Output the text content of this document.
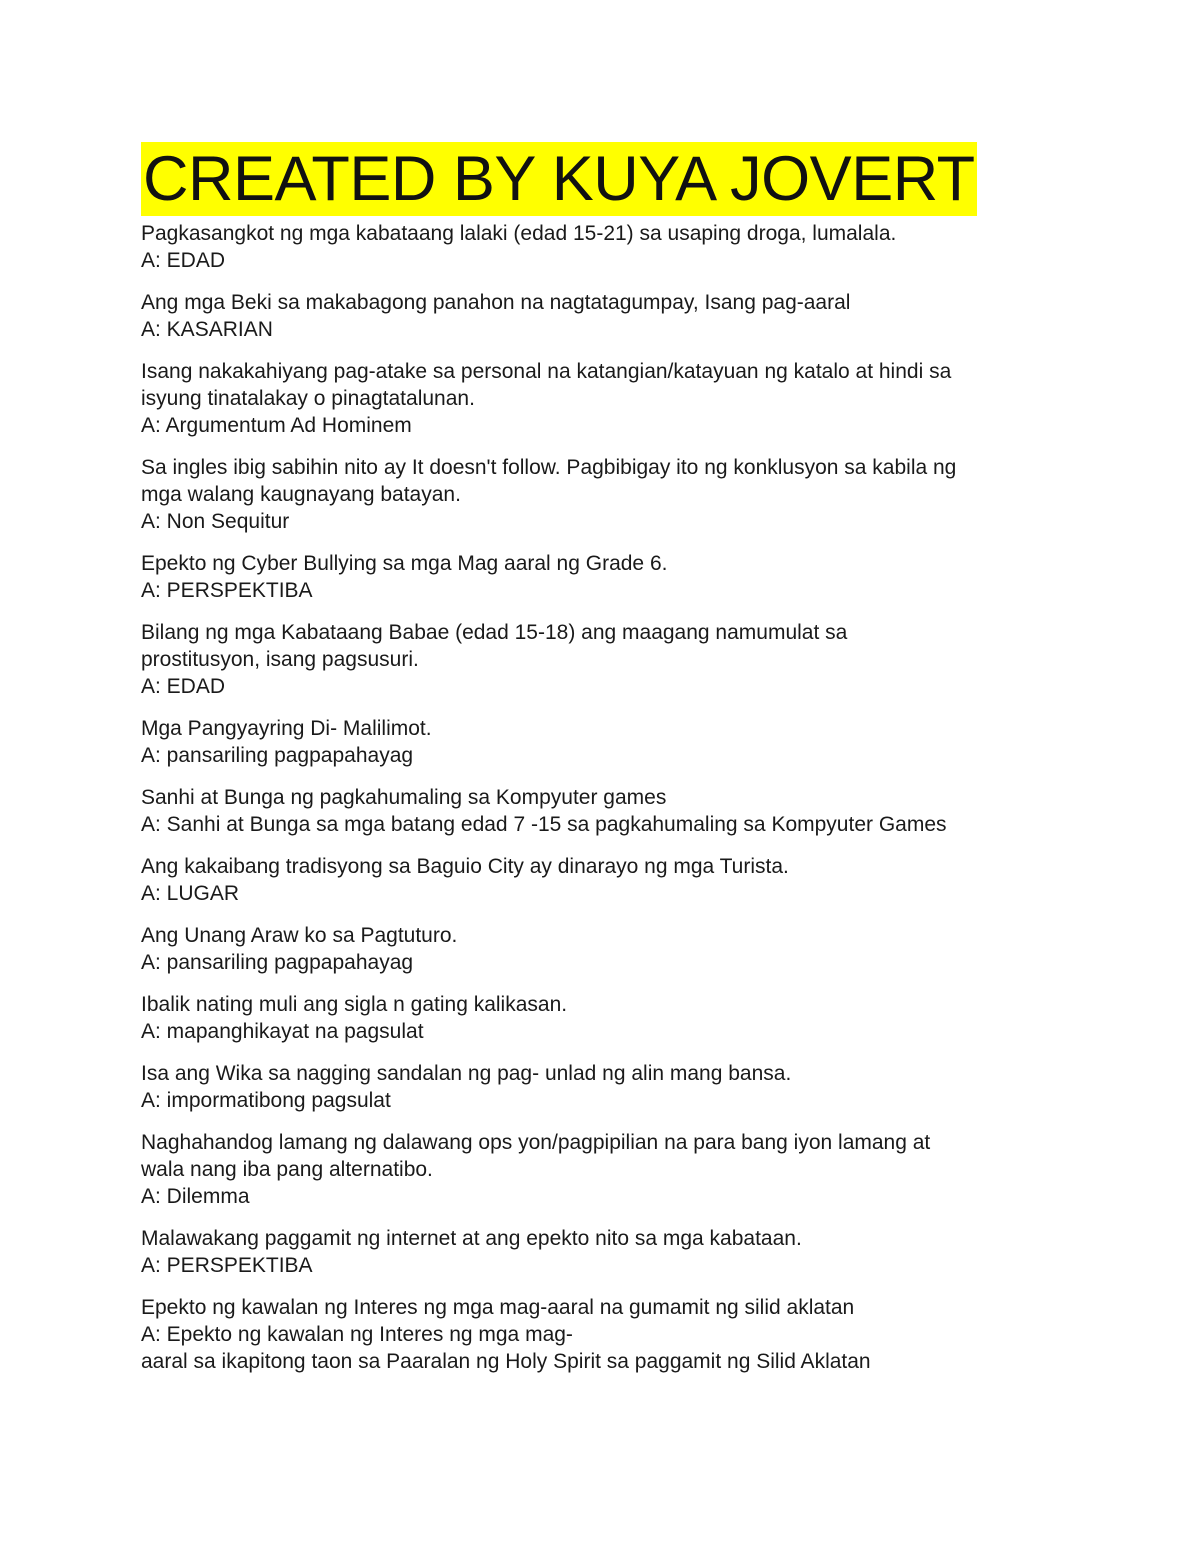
CREATED BY KUYA JOVERT
Pagkasangkot ng mga kabataang lalaki (edad 15-21) sa usaping droga, lumalala.
A: EDAD
Ang mga Beki sa makabagong panahon na nagtatagumpay, Isang pag-aaral
A: KASARIAN
Isang nakakahiyang pag-atake sa personal na katangian/katayuan ng katalo at hindi sa
isyung tinatalakay o pinagtatalunan.
A: Argumentum Ad Hominem
Sa ingles ibig sabihin nito ay It doesn't follow. Pagbibigay ito ng konklusyon sa kabila ng
mga walang kaugnayang batayan.
A: Non Sequitur
Epekto ng Cyber Bullying sa mga Mag aaral ng Grade 6.
A: PERSPEKTIBA
Bilang ng mga Kabataang Babae (edad 15-18) ang maagang namumulat sa
prostitusyon, isang pagsusuri.
A: EDAD
Mga Pangyayring Di- Malilimot.
A: pansariling pagpapahayag
Sanhi at Bunga ng pagkahumaling sa Kompyuter games
A: Sanhi at Bunga sa mga batang edad 7 -15 sa pagkahumaling sa Kompyuter Games
Ang kakaibang tradisyong sa Baguio City ay dinarayo ng mga Turista.
A: LUGAR
Ang Unang Araw ko sa Pagtuturo.
A: pansariling pagpapahayag
Ibalik nating muli ang sigla n gating kalikasan.
A: mapanghikayat na pagsulat
Isa ang Wika sa nagging sandalan ng pag- unlad ng alin mang bansa.
A: impormatibong pagsulat
Naghahandog lamang ng dalawang ops yon/pagpipilian na para bang iyon lamang at
wala nang iba pang alternatibo.
A: Dilemma
Malawakang paggamit ng internet at ang epekto nito sa mga kabataan.
A: PERSPEKTIBA
Epekto ng kawalan ng Interes ng mga mag-aaral na gumamit ng silid aklatan
A: Epekto ng kawalan ng Interes ng mga mag-
aaral sa ikapitong taon sa Paaralan ng Holy Spirit sa paggamit ng Silid Aklatan
